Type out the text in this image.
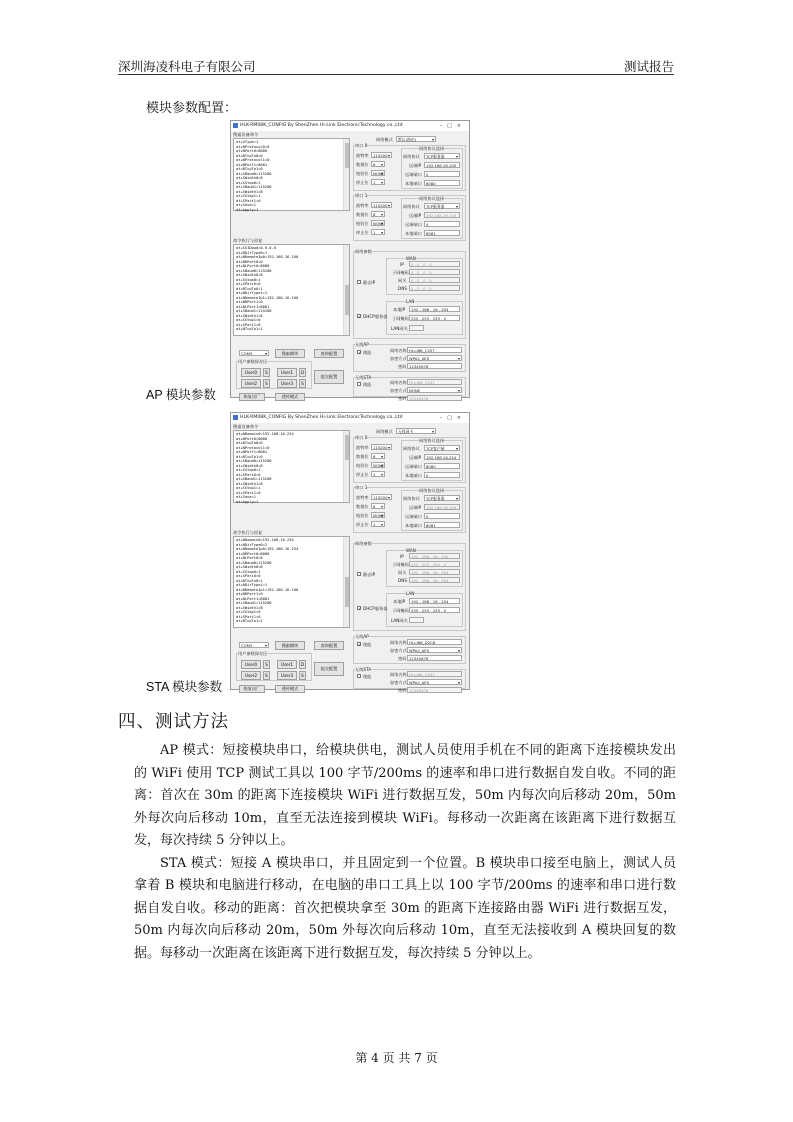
深圳海凌科电子有限公司	测试报告
模块参数配置：
HLK-RM08K_CONFIG By ShenZhen Hi-Link ElectronicTechnology co.,Ltd	–□×
搜索设备命令
at+UType=1
at+NProtocol0=0
at+NPort0=8080
at+NTcpTo0=0
at+NProtocol1=0
at+NPort1=8081
at+NTcpTo1=0
at+SBaud0=115200
at+SWidth0=8
at+SStop0=1
at+SBaud1=115200
at+SWidth1=8
at+SStop1=1
at+SPari1=0
at+Save=1
at+Apply=1
命令执行与回复
at+SSIDpwd=0.0.0.0
at+NDirType0=1
at+NRemoteIp0=192.168.16.100
at+NRPort0=0
at+NLPort0=8080
at+SBaud0=115200
at+SWidth0=8
at+SStop0=1
at+SPari0=0
at+NTcpTo0=1
at+NDirType1=1
at+NRemoteIp1=192.168.16.100
at+NRPort1=0
at+NLPort1=8081
at+SBaud1=115200
at+SWidth1=8
at+SStop1=0
at+SPari1=0
at+NTcpTo1=1
COM3 ▾	搜索模块	查询配置
用户参数保存区
User0	S	User1	D
User2	S	User3	S
提交配置
恢复出厂	透传模式
网络模式	默认(路由) ▾
串口 0
波特率	115200 ▾
数据位	8 ▾
校验位	NONE ▾
停止位	1 ▾
网络协议选择
网络协议	TCP服务器 ▾
远端IP	192.168.16.100
远端端口	0
本地端口	8080
串口 1
波特率	115200 ▾
数据位	8 ▾
校验位	NONE ▾
停止位	1 ▾
网络协议选择
网络协议	TCP服务器 ▾
远端IP	192.168.16.100
远端端口	0
本地端口	8081
网络参数
WAN
静态IP
IP	0 . 0 . 0 . 0
子网掩码 0 . 0 . 0 . 0
网关	0 . 0 . 0 . 0
DNS	0 . 0 . 0 . 0
LAN
✓ DHCP服务器
本地IP	192 . 168 . 16 . 254
子网掩码 255 . 255 . 255 . 0
LAN网关
无线AP
✓ 使能	网络名称 HI-LINK_C257
加密方式 WPA2_AES ▾
密码 12345678
无线STA
使能	网络名称 HI-LINK_C257
加密方式 NONE ▾
密码 12345678
AP 模块参数
HLK-RM08K_CONFIG By ShenZhen Hi-Link ElectronicTechnology co.,Ltd	–□×
搜索设备命令
at+NDomain0=192.168.16.254
at+NPort0=8080
at+NTcpTo0=0
at+NProtocol1=0
at+NPort1=8081
at+NTcpTo1=0
at+SBaud0=115200
at+SWidth0=8
at+SStop0=1
at+SPari0=0
at+SBaud1=115200
at+SWidth1=8
at+SStop1=1
at+SPari1=0
at+Save=1
at+Apply=1
命令执行与回复
at+NDomain0=192.168.16.254
at+NDirType0=2
at+NRemoteIp0=192.168.16.254
at+NRPort0=8080
at+NLPort0=0
at+SBaud0=115200
at+SWidth0=8
at+SStop0=1
at+SPari0=0
at+NTcpTo0=1
at+NDirType1=1
at+NRemoteIp1=192.168.16.100
at+NRPort1=0
at+NLPort1=8081
at+SBaud1=115200
at+SWidth1=8
at+SStop1=0
at+SPari1=0
at+NTcpTo1=1
COM3 ▾	搜索模块	查询配置
用户参数保存区
User0	S	User1	D
User2	S	User3	S
提交配置
恢复出厂	透传模式
网络模式	无线网卡 ▾
串口 0
波特率	115200 ▾
数据位	8 ▾
校验位	NONE ▾
停止位	1 ▾
网络协议选择
网络协议	TCP客户端 ▾
远端IP	192.168.16.254
远端端口	8080
本地端口	0
串口 1
波特率	115200 ▾
数据位	8 ▾
校验位	NONE ▾
停止位	1 ▾
网络协议选择
网络协议	TCP服务器 ▾
远端IP	192.168.16.100
远端端口	0
本地端口	8081
网络参数
WAN
静态IP
IP	192 . 168 . 16 . 100
子网掩码 255 . 255 . 255 . 0
网关	192 . 168 . 16 . 254
DNS	192 . 168 . 16 . 254
LAN
✓ DHCP服务器
本地IP	192 . 168 . 16 . 254
子网掩码 255 . 255 . 255 . 0
LAN网关
无线AP
✓ 使能	网络名称 HI-LINK_D2C8
加密方式 WPA2_AES ▾
密码 12345678
无线STA
使能	网络名称 HI-LINK_C257
加密方式 WPA2_AES ▾
密码 12345678
STA 模块参数
四、测试方法

AP 模式：短接模块串口，给模块供电，测试人员使用手机在不同的距离下连接模块发出的 WiFi 使用 TCP 测试工具以 100 字节/200ms 的速率和串口进行数据自发自收。不同的距离：首次在 30m 的距离下连接模块 WiFi 进行数据互发，50m 内每次向后移动 20m，50m 外每次向后移动 10m，直至无法连接到模块 WiFi。每移动一次距离在该距离下进行数据互发，每次持续 5 分钟以上。

STA 模式：短接 A 模块串口，并且固定到一个位置。B 模块串口接至电脑上，测试人员拿着 B 模块和电脑进行移动，在电脑的串口工具上以 100 字节/200ms 的速率和串口进行数据自发自收。移动的距离：首次把模块拿至 30m 的距离下连接路由器 WiFi 进行数据互发，50m 内每次向后移动 20m，50m 外每次向后移动 10m，直至无法接收到 A 模块回复的数据。每移动一次距离在该距离下进行数据互发，每次持续 5 分钟以上。

第 4 页 共 7 页
